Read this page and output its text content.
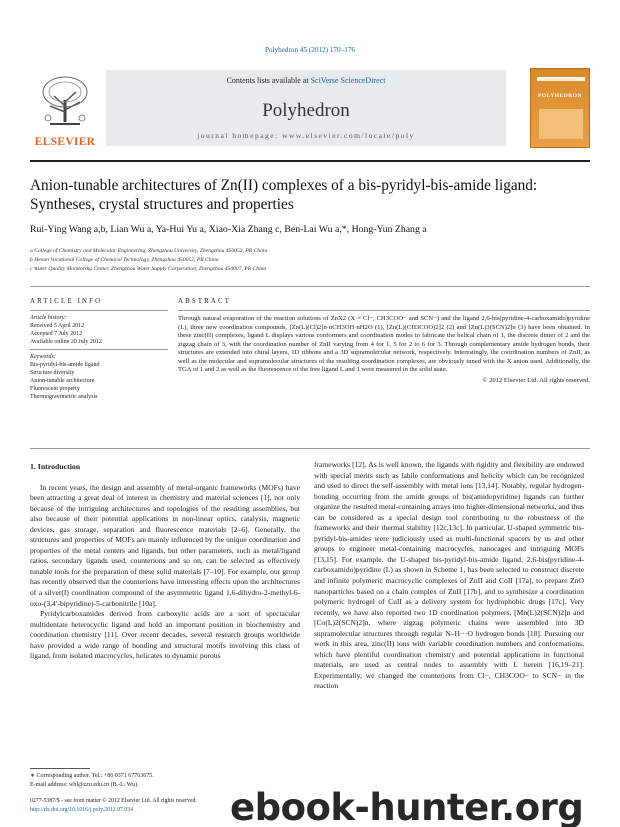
Polyhedron 45 (2012) 170–176
ELSEVIER
Contents lists available at SciVerse ScienceDirect
Polyhedron
journal homepage: www.elsevier.com/locate/poly
POLYHEDRON
Anion-tunable architectures of Zn(II) complexes of a bis-pyridyl-bis-amide ligand: Syntheses, crystal structures and properties
Rui-Ying Wang a,b, Lian Wu a, Ya-Hui Yu a, Xiao-Xia Zhang c, Ben-Lai Wu a,*, Hong-Yun Zhang a
a College of Chemistry and Molecular Engineering, Zhengzhou University, Zhengzhou 450052, PR China
b Henan Vocational College of Chemical Technology, Zhengzhou 450052, PR China
c Water Quality Monitoring Center, Zhengzhou Water Supply Corporation, Zhengzhou 450007, PR China
ARTICLE INFO
Article history:
Received 5 April 2012
Accepted 7 July 2012
Available online 20 July 2012
Keywords:
Bis-pyridyl-bis-amide ligand
Structure diversity
Anion-tunable architecture
Fluorescent property
Thermogravimetric analysis
ABSTRACT
Through natural evaporation of the reaction solutions of ZnX2 (X = Cl−, CH3COO− and SCN−) and the ligand 2,6-bis(pyridine-4-carboxamido)pyridine (L), three new coordination compounds, [Zn(L)(Cl)2]n·nCH3OH·nH2O (1), [Zn(L)(CH3COO)2]2 (2) and [Zn(L)3(SCN)2]n (3) have been obtained. In these zinc(II) complexes, ligand L displays various conformers and coordination modes to fabricate the helical chain of 1, the discrete dimer of 2 and the zigzag chain of 3, with the coordination number of ZnII varying from 4 for 1, 5 for 2 to 6 for 3. Through complementary amide hydrogen bonds, their structures are extended into chiral layers, 1D ribbons and a 3D supramolecular network, respectively. Interestingly, the coordination numbers of ZnII, as well as the molecular and supramolecular structures of the resulting coordination complexes, are obviously tuned with the X anion used. Additionally, the TGA of 1 and 2 as well as the fluorescence of the free ligand L and 1 were measured in the solid state.
© 2012 Elsevier Ltd. All rights reserved.
1. Introduction

In recent years, the design and assembly of metal-organic frameworks (MOFs) have been attracting a great deal of interest in chemistry and material sciences [1], not only because of the intriguing architectures and topologies of the resulting assemblies, but also because of their potential applications in non-linear optics, catalysis, magnetic devices, gas storage, separation and fluorescence materials [2–6]. Generally, the structures and properties of MOFs are mainly influenced by the unique coordination and properties of the metal centers and ligands, but other parameters, such as metal/ligand ratios, secondary ligands used, counterions and so on, can be selected as effectively tunable tools for the preparation of these solid materials [7–10]. For example, our group has recently observed that the counterions have interesting effects upon the architectures of a silver(I) coordination compound of the asymmetric ligand 1,6-dihydro-2-methyl-6-oxo-(3,4′-bipyridine)-5-carbonitrile [10a].

Pyridylcarboxamides derived from carboxylic acids are a sort of spectacular multidentate heterocyclic ligand and hold an important position in biochemistry and coordination chemistry [11]. Over recent decades, several research groups worldwide have provided a wide range of bonding and structural motifs involving this class of ligand, from isolated macrocycles, helicates to dynamic porous

frameworks [12]. As is well known, the ligands with rigidity and flexibility are endowed with special merits such as labile conformations and helicity which can be recognized and used to direct the self-assembly with metal ions [13,14]. Notably, regular hydrogen-bonding occurring from the amide groups of bis(amidopyridine) ligands can further organize the resulted metal-containing arrays into higher-dimensional networks, and thus can be considered as a special design tool contributing to the robustness of the frameworks and their thermal stability [12c,13c]. In particular, U-shaped symmetric bis-pyridyl-bis-amides were judiciously used as multi-functional spacers by us and other groups to engineer metal-containing macrocycles, nanocages and intriguing MOFs [13,15]. For example, the U-shaped bis-pyridyl-bis-amide ligand, 2,6-bis(pyridine-4-carboxamido)pyridine (L) as shown in Scheme 1, has been selected to construct discrete and infinite polymeric macrocyclic complexes of ZnII and CoII [17a], to prepare ZnO nanoparticles based on a chain complex of ZnII [17b], and to synthesize a coordination polymeric hydrogel of CuII as a delivery system for hydrophobic drugs [17c]. Very recently, we have also reported two 1D coordination polymers, [Mn(L)2(SCN)2]n and [Co(L)2(SCN)2]n, where zigzag polymeric chains were assembled into 3D supramolecular structures through regular N–H···O hydrogen bonds [18]. Pursuing our work in this area, zinc(II) ions with variable coordination numbers and conformations, which have plentiful coordination chemistry and potential applications in functional materials, are used as central nodes to assembly with L herein [16,19–21]. Experimentally, we changed the counterions from Cl−, CH3COO− to SCN− in the reaction

∗ Corresponding author. Tel.: +86 0371 67763675.
E-mail address: wbl@zzu.edu.cn (B.-L. Wu).
0277-5387/$ - see front matter © 2012 Elsevier Ltd. All rights reserved.
http://dx.doi.org/10.1016/j.poly.2012.07.034	ebook-hunter.org
